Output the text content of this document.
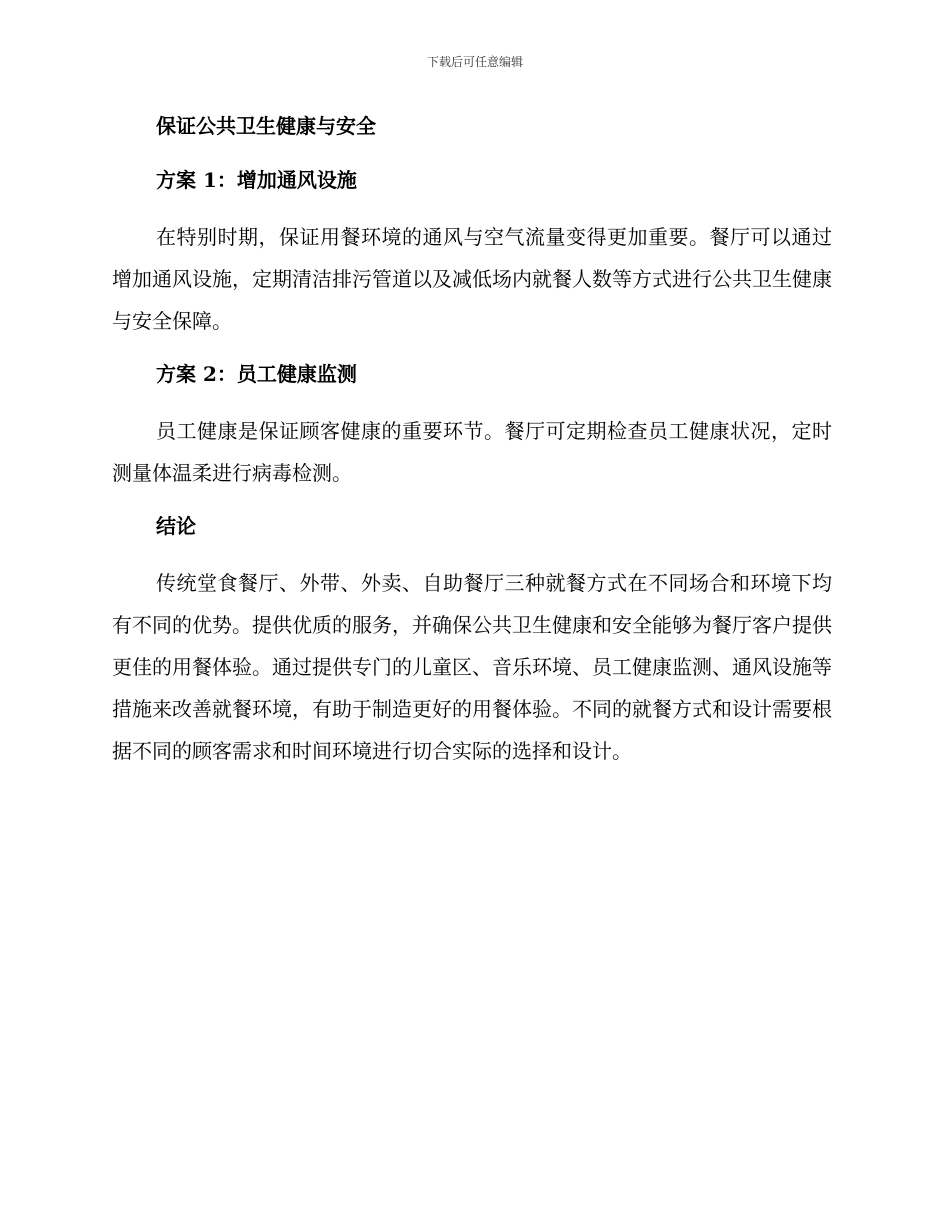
下载后可任意编辑
保证公共卫生健康与安全
方案 1：增加通风设施

在特别时期，保证用餐环境的通风与空气流量变得更加重要。餐厅可以通过增加通风设施，定期清洁排污管道以及减低场内就餐人数等方式进行公共卫生健康与安全保障。

方案 2：员工健康监测

员工健康是保证顾客健康的重要环节。餐厅可定期检查员工健康状况，定时测量体温柔进行病毒检测。

结论

传统堂食餐厅、外带、外卖、自助餐厅三种就餐方式在不同场合和环境下均有不同的优势。提供优质的服务，并确保公共卫生健康和安全能够为餐厅客户提供更佳的用餐体验。通过提供专门的儿童区、音乐环境、员工健康监测、通风设施等措施来改善就餐环境，有助于制造更好的用餐体验。不同的就餐方式和设计需要根据不同的顾客需求和时间环境进行切合实际的选择和设计。
